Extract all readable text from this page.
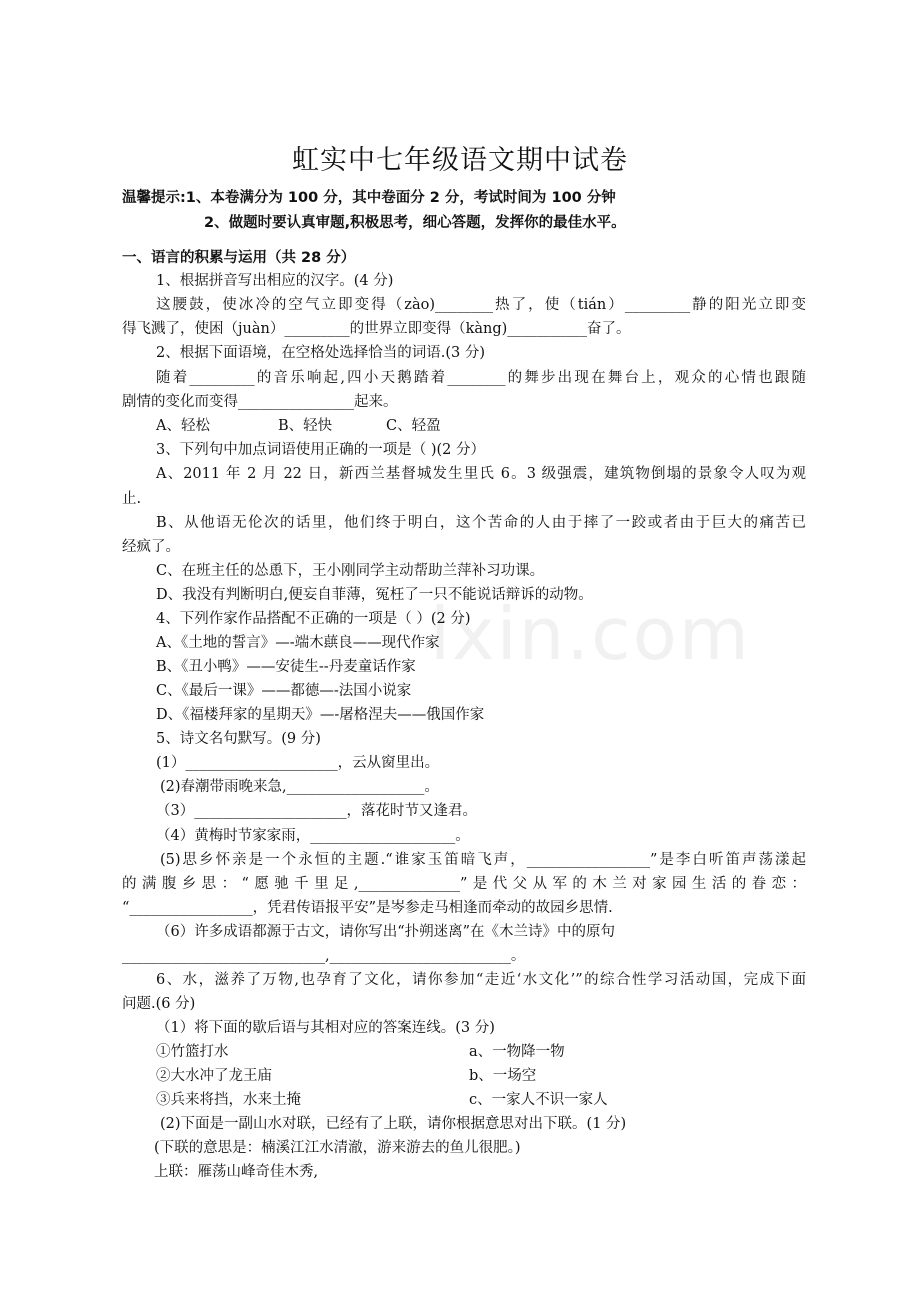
ixin.com
虹实中七年级语文期中试卷
温馨提示:1、本卷满分为 100 分，其中卷面分 2 分，考试时间为 100 分钟
2、做题时要认真审题,积极思考，细心答题，发挥你的最佳水平。
一、语言的积累与运用（共 28 分）
1、根据拼音写出相应的汉字。(4 分)
这腰鼓，使冰冷的空气立即变得（zào)________热了，使（tián）_________静的阳光立即变
得飞溅了，使困（juàn）_________的世界立即变得（kàng)___________奋了。
2、根据下面语境，在空格处选择恰当的词语.(3 分)
随着_________的音乐响起,四小天鹅踏着________的舞步出现在舞台上，观众的心情也跟随
剧情的变化而变得________________起来。
A、轻松	B、轻快	C、轻盈
3、下列句中加点词语使用正确的一项是（ )(2 分）
A、2011 年 2 月 22 日，新西兰基督城发生里氏 6。3 级强震，建筑物倒塌的景象令人叹为观
止.
B、从他语无伦次的话里，他们终于明白，这个苦命的人由于摔了一跤或者由于巨大的痛苦已
经疯了。
C、在班主任的怂恿下，王小刚同学主动帮助兰萍补习功课。
D、我没有判断明白,便妄自菲薄，冤枉了一只不能说话辩诉的动物。
4、下列作家作品搭配不正确的一项是（ ）(2 分)
A、《土地的誓言》—-端木蕻良——现代作家
B、《丑小鸭》——安徒生--丹麦童话作家
C、《最后一课》——都德—-法国小说家
D、《福楼拜家的星期天》—-屠格涅夫——俄国作家
5、诗文名句默写。(9 分)
(1）_____________________，云从窗里出。
(2)春潮带雨晚来急,___________________。
（3）_____________________，落花时节又逢君。
（4）黄梅时节家家雨，____________________。
(5)思乡怀亲是一个永恒的主题.“谁家玉笛暗飞声，_________________”是李白听笛声荡漾起
的满腹乡思：“愿驰千里足,______________”是代父从军的木兰对家园生活的眷恋：
“_________________，凭君传语报平安”是岑参走马相逢而牵动的故园乡思情.
（6）许多成语都源于古文，请你写出“扑朔迷离”在《木兰诗》中的原句
____________________________,_________________________。
6、水，滋养了万物,也孕育了文化，请你参加“走近‘水文化’”的综合性学习活动国，完成下面
问题.(6 分)
（1）将下面的歇后语与其相对应的答案连线。(3 分)
①竹篮打水	a、一物降一物
②大水冲了龙王庙	b、一场空
③兵来将挡，水来土掩	c、一家人不识一家人
(2)下面是一副山水对联，已经有了上联，请你根据意思对出下联。(1 分)
(下联的意思是：楠溪江江水清澈，游来游去的鱼儿很肥。)
上联：雁荡山峰奇佳木秀,
